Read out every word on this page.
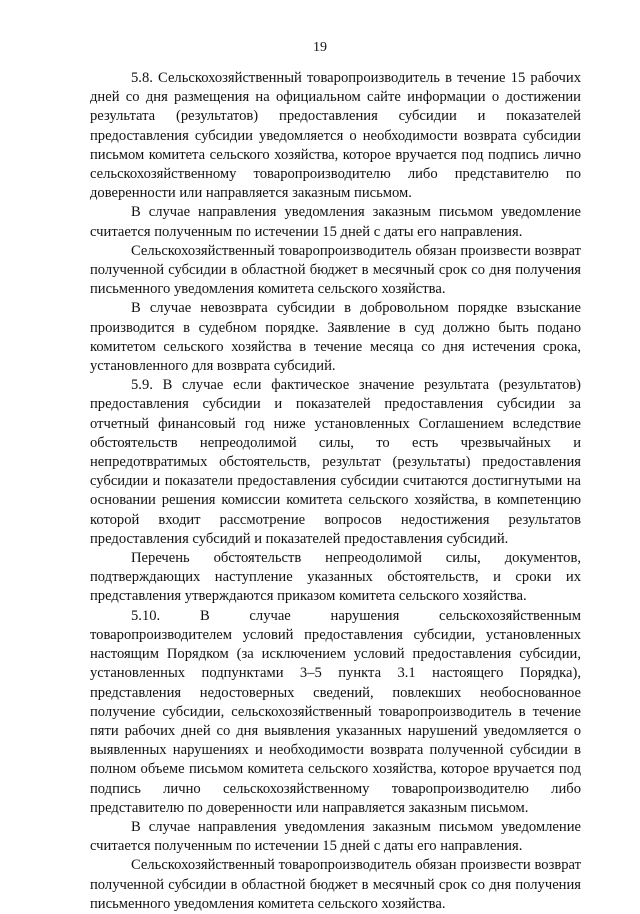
19

5.8. Сельскохозяйственный товаропроизводитель в течение 15 рабочих дней со дня размещения на официальном сайте информации о достижении результата (результатов) предоставления субсидии и показателей предоставления субсидии уведомляется о необходимости возврата субсидии письмом комитета сельского хозяйства, которое вручается под подпись лично сельскохозяйственному товаропроизводителю либо представителю по доверенности или направляется заказным письмом.

В случае направления уведомления заказным письмом уведомление считается полученным по истечении 15 дней с даты его направления.

Сельскохозяйственный товаропроизводитель обязан произвести возврат полученной субсидии в областной бюджет в месячный срок со дня получения письменного уведомления комитета сельского хозяйства.

В случае невозврата субсидии в добровольном порядке взыскание производится в судебном порядке. Заявление в суд должно быть подано комитетом сельского хозяйства в течение месяца со дня истечения срока, установленного для возврата субсидий.

5.9. В случае если фактическое значение результата (результатов) предоставления субсидии и показателей предоставления субсидии за отчетный финансовый год ниже установленных Соглашением вследствие обстоятельств непреодолимой силы, то есть чрезвычайных и непредотвратимых обстоятельств, результат (результаты) предоставления субсидии и показатели предоставления субсидии считаются достигнутыми на основании решения комиссии комитета сельского хозяйства, в компетенцию которой входит рассмотрение вопросов недостижения результатов предоставления субсидий и показателей предоставления субсидий.

Перечень обстоятельств непреодолимой силы, документов, подтверждающих наступление указанных обстоятельств, и сроки их представления утверждаются приказом комитета сельского хозяйства.

5.10. В случае нарушения сельскохозяйственным товаропроизводителем условий предоставления субсидии, установленных настоящим Порядком (за исключением условий предоставления субсидии, установленных подпунктами 3–5 пункта 3.1 настоящего Порядка), представления недостоверных сведений, повлекших необоснованное получение субсидии, сельскохозяйственный товаропроизводитель в течение пяти рабочих дней со дня выявления указанных нарушений уведомляется о выявленных нарушениях и необходимости возврата полученной субсидии в полном объеме письмом комитета сельского хозяйства, которое вручается под подпись лично сельскохозяйственному товаропроизводителю либо представителю по доверенности или направляется заказным письмом.

В случае направления уведомления заказным письмом уведомление считается полученным по истечении 15 дней с даты его направления.

Сельскохозяйственный товаропроизводитель обязан произвести возврат полученной субсидии в областной бюджет в месячный срок со дня получения письменного уведомления комитета сельского хозяйства.
